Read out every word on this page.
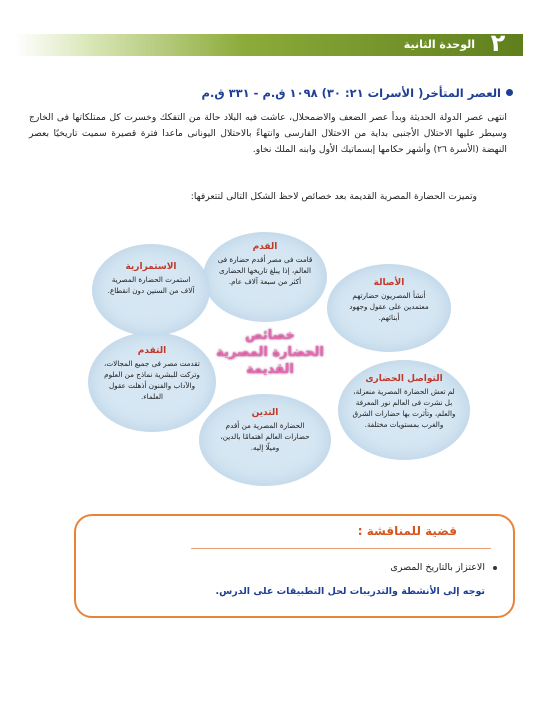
٢
الوحدة الثانية
العصر المتأخر( الأسرات ٢١: ٣٠) ١٠٩٨ ق.م - ٣٣١ ق.م
انتهى عصر الدولة الحديثة وبدأ عصر الضعف والاضمحلال، عاشت فيه البلاد حالة من التفكك وخسرت كل ممتلكاتها فى الخارج وسيطر عليها الاحتلال الأجنبى بداية من الاحتلال الفارسى وانتهاءً بالاحتلال اليونانى ماعدا فترة قصيرة سميت تاريخيًا بعصر النهضة (الأسرة ٢٦) وأشهر حكامها إبسماتيك الأول وابنه الملك نخاو.
وتميزت الحضارة المصرية القديمة بعد خصائص لاحظ الشكل التالى لتتعرفها:
القدم
قامت فى مصر أقدم حضارة فى العالم، إذا يبلغ تاريخها الحضارى أكثر من سبعة آلاف عام.	الأصالة
أنشأ المصريون حضارتهم معتمدين على عقول وجهود أبنائهم.
التواصل الحضارى
لم تعش الحضارة المصرية منعزلة، بل نشرت فى العالم نور المعرفة والعلم، وتأثرت بها حضارات الشرق والغرب بمستويات مختلفة.
التدين
الحضارة المصرية من أقدم حضارات العالم اهتمامًا بالدين، وميلًا إليه.
التقدم
تقدمت مصر فى جميع المجالات، وتركت للبشرية نماذج من العلوم والآداب والفنون أذهلت عقول العلماء.
الاستمرارية
استمرت الحضارة المصرية آلاف من السنين دون انقطاع.
خصائص
الحضارة المصرية
القديمة
قضية للمناقشة :
الاعتزاز بالتاريخ المصرى
توجه إلى الأنشطة والتدريبات لحل التطبيقات على الدرس.
